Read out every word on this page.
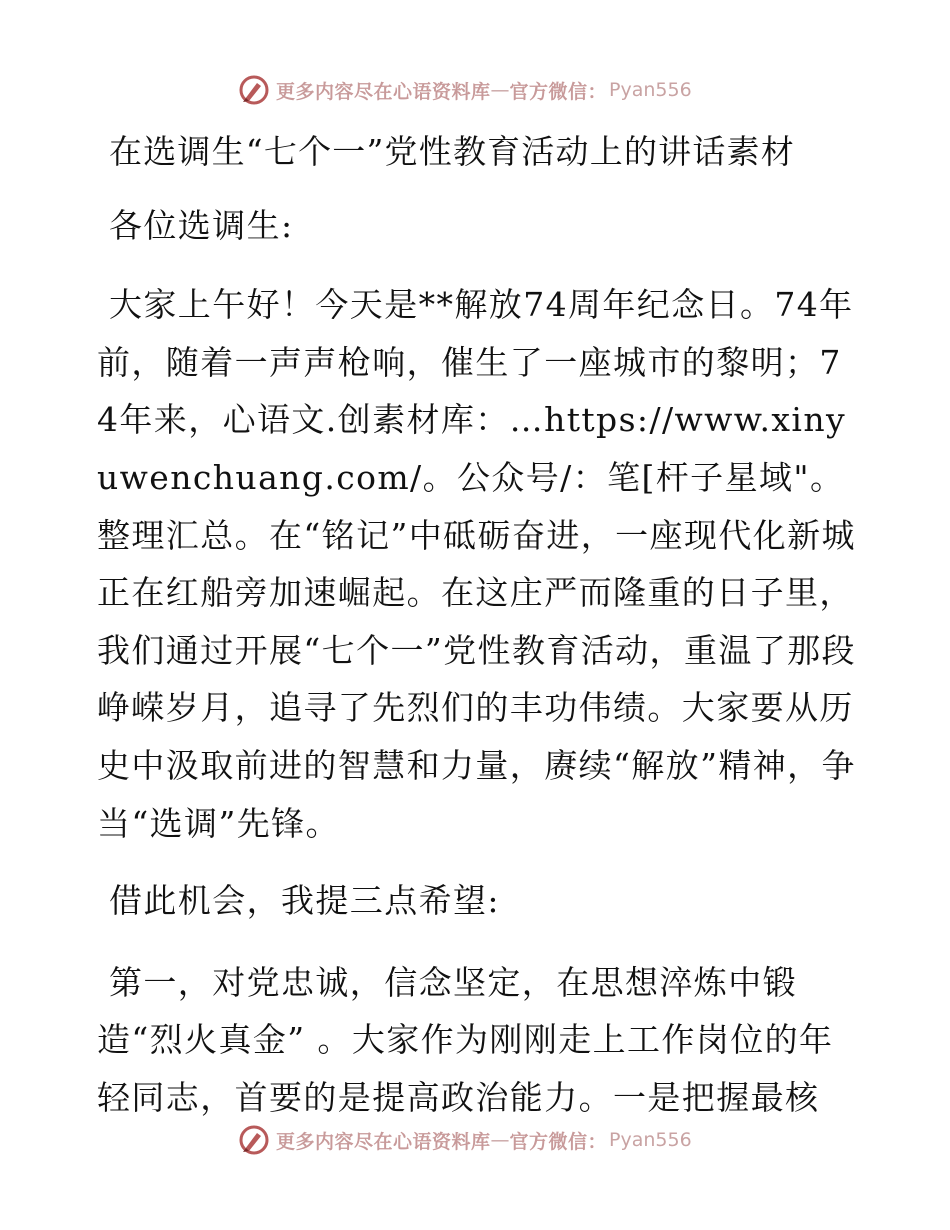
更多内容尽在心语资料库 — 官方微信： Pyan556

在选调生“七个一”党性教育活动上的讲话素材

各位选调生:

大家上午好！今天是**解放74周年纪念日。74年前，随着一声声枪响，催生了一座城市的黎明；74年来，心语文.创素材库：…https://www.xinyuwenchuang.com/。公众号/：笔[杆子星域"。整理汇总。在“铭记”中砥砺奋进，一座现代化新城正在红船旁加速崛起。在这庄严而隆重的日子里，我们通过开展“七个一”党性教育活动，重温了那段峥嵘岁月，追寻了先烈们的丰功伟绩。大家要从历史中汲取前进的智慧和力量，赓续“解放”精神，争当“选调”先锋。

借此机会，我提三点希望:

第一，对党忠诚，信念坚定，在思想淬炼中锻造“烈火真金” 。大家作为刚刚走上工作岗位的年轻同志，首要的是提高政治能力。一是把握最核

更多内容尽在心语资料库 — 官方微信： Pyan556
